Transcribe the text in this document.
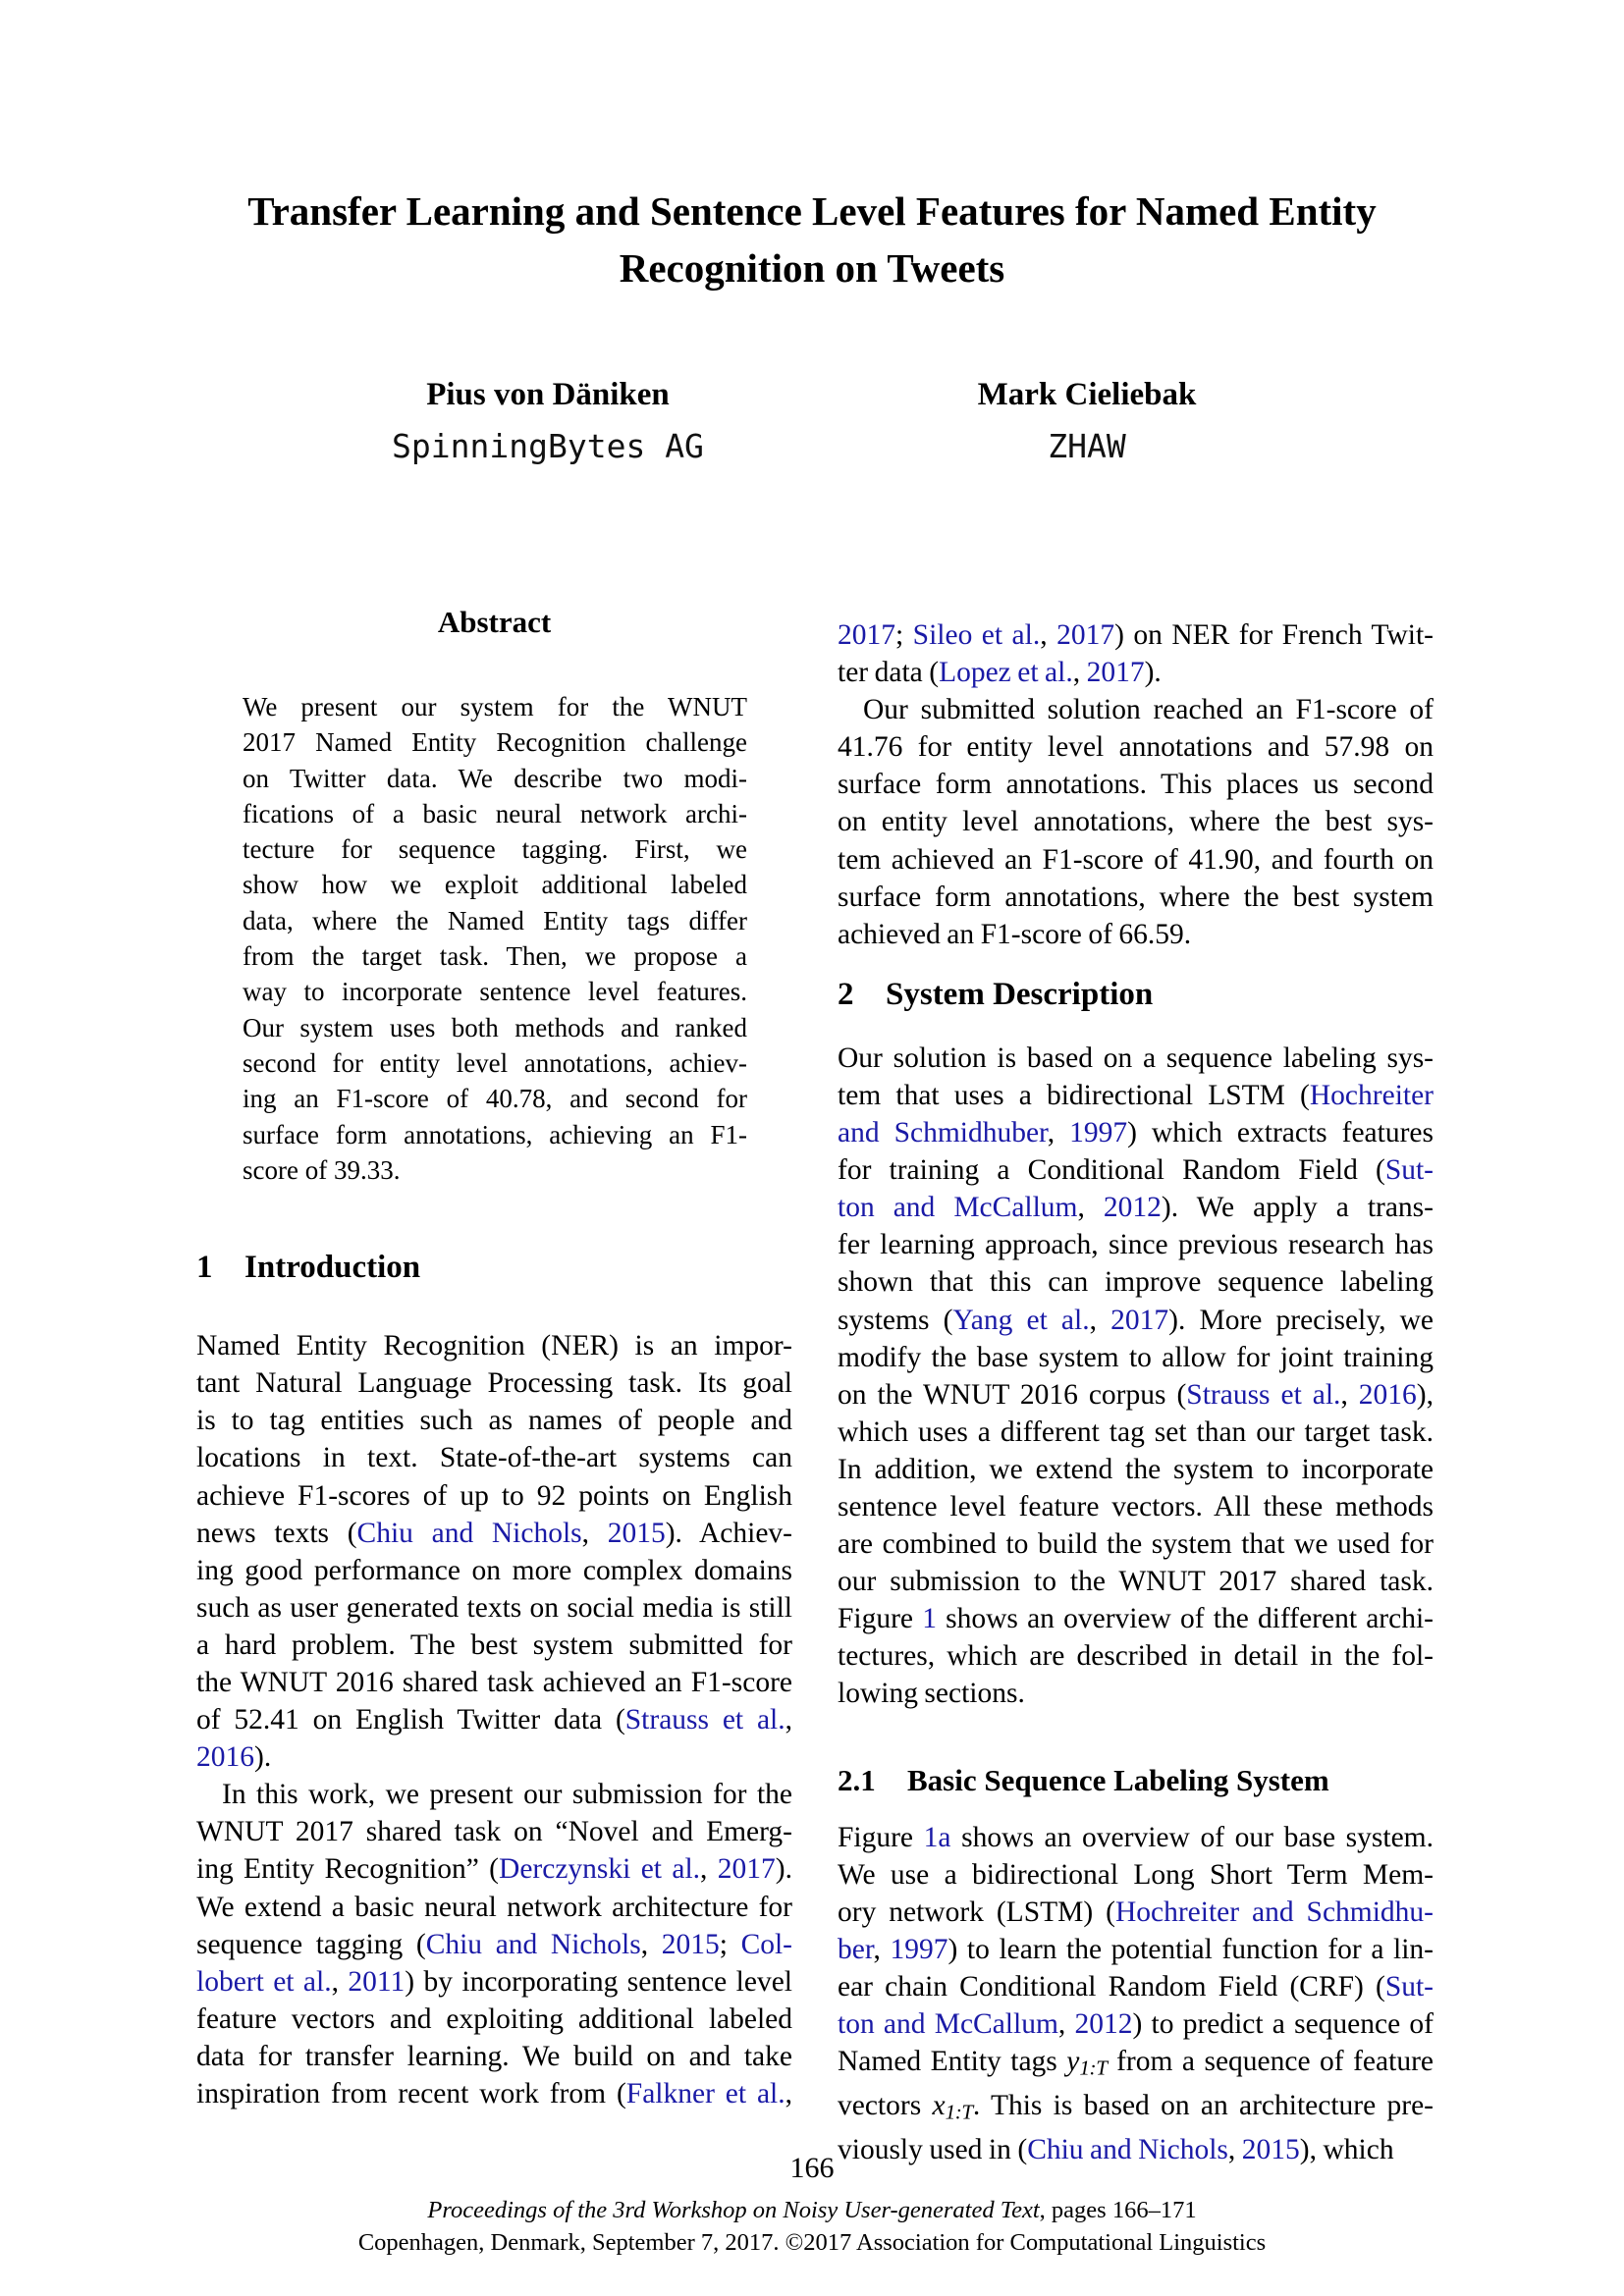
Transfer Learning and Sentence Level Features for Named Entity
Recognition on Tweets
Pius von Däniken
SpinningBytes AG
Mark Cieliebak
ZHAW
Abstract
We present our system for the WNUT
2017 Named Entity Recognition challenge
on Twitter data. We describe two modi-
fications of a basic neural network archi-
tecture for sequence tagging. First, we
show how we exploit additional labeled
data, where the Named Entity tags differ
from the target task. Then, we propose a
way to incorporate sentence level features.
Our system uses both methods and ranked
second for entity level annotations, achiev-
ing an F1-score of 40.78, and second for
surface form annotations, achieving an F1-
score of 39.33.
1 Introduction
Named Entity Recognition (NER) is an impor-
tant Natural Language Processing task. Its goal
is to tag entities such as names of people and
locations in text. State-of-the-art systems can
achieve F1-scores of up to 92 points on English
news texts (Chiu and Nichols, 2015). Achiev-
ing good performance on more complex domains
such as user generated texts on social media is still
a hard problem. The best system submitted for
the WNUT 2016 shared task achieved an F1-score
of 52.41 on English Twitter data (Strauss et al.,
2016).
In this work, we present our submission for the
WNUT 2017 shared task on “Novel and Emerg-
ing Entity Recognition” (Derczynski et al., 2017).
We extend a basic neural network architecture for
sequence tagging (Chiu and Nichols, 2015; Col-
lobert et al., 2011) by incorporating sentence level
feature vectors and exploiting additional labeled
data for transfer learning. We build on and take
inspiration from recent work from (Falkner et al.,
2017; Sileo et al., 2017) on NER for French Twit-
ter data (Lopez et al., 2017).
Our submitted solution reached an F1-score of
41.76 for entity level annotations and 57.98 on
surface form annotations. This places us second
on entity level annotations, where the best sys-
tem achieved an F1-score of 41.90, and fourth on
surface form annotations, where the best system
achieved an F1-score of 66.59.
2 System Description
Our solution is based on a sequence labeling sys-
tem that uses a bidirectional LSTM (Hochreiter
and Schmidhuber, 1997) which extracts features
for training a Conditional Random Field (Sut-
ton and McCallum, 2012). We apply a trans-
fer learning approach, since previous research has
shown that this can improve sequence labeling
systems (Yang et al., 2017). More precisely, we
modify the base system to allow for joint training
on the WNUT 2016 corpus (Strauss et al., 2016),
which uses a different tag set than our target task.
In addition, we extend the system to incorporate
sentence level feature vectors. All these methods
are combined to build the system that we used for
our submission to the WNUT 2017 shared task.
Figure 1 shows an overview of the different archi-
tectures, which are described in detail in the fol-
lowing sections.
2.1 Basic Sequence Labeling System
Figure 1a shows an overview of our base system.
We use a bidirectional Long Short Term Mem-
ory network (LSTM) (Hochreiter and Schmidhu-
ber, 1997) to learn the potential function for a lin-
ear chain Conditional Random Field (CRF) (Sut-
ton and McCallum, 2012) to predict a sequence of
Named Entity tags y1:T from a sequence of feature
vectors x1:T. This is based on an architecture pre-
viously used in (Chiu and Nichols, 2015), which
166
Proceedings of the 3rd Workshop on Noisy User-generated Text, pages 166–171
Copenhagen, Denmark, September 7, 2017. ©2017 Association for Computational Linguistics
